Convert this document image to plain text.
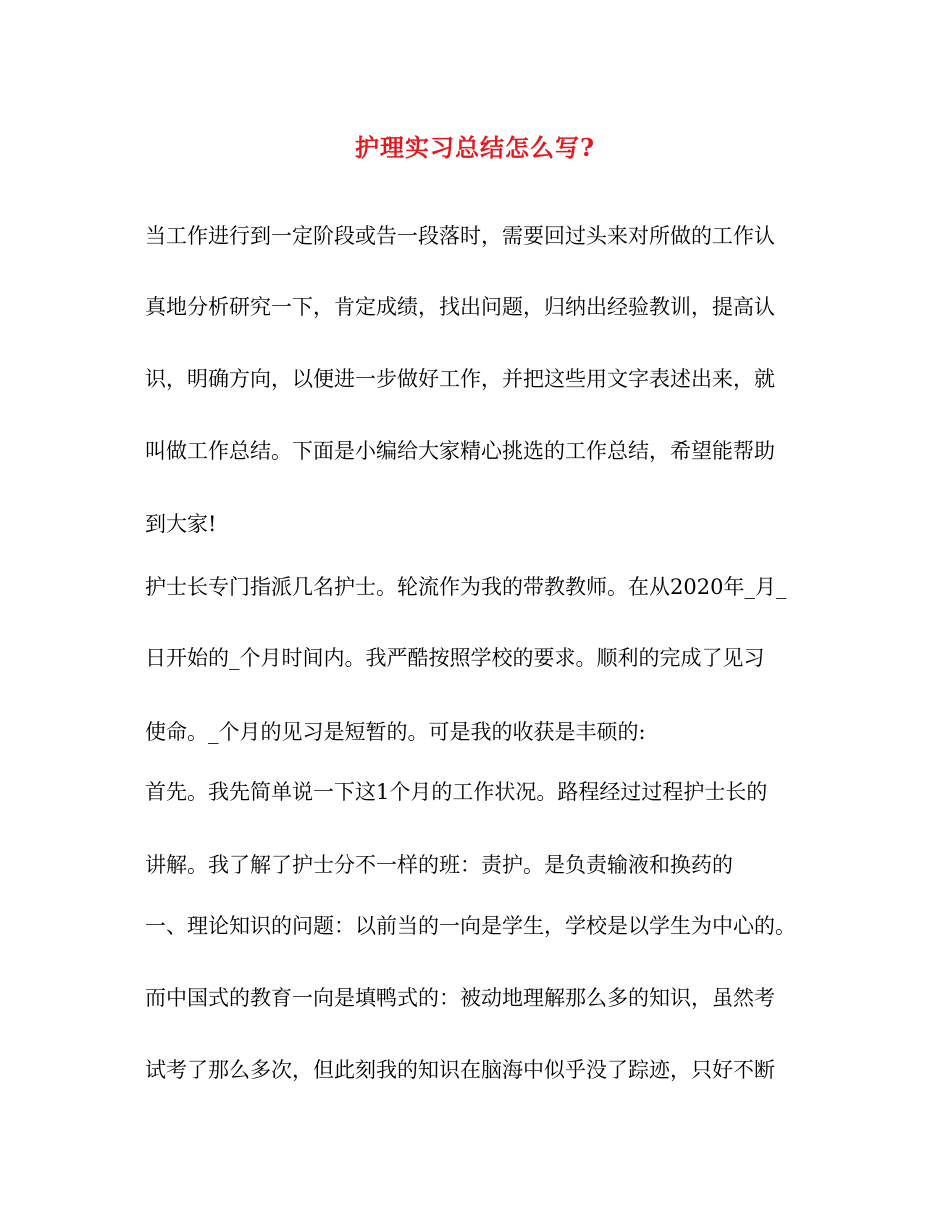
护理实习总结怎么写?
当工作进行到一定阶段或告一段落时，需要回过头来对所做的工作认
真地分析研究一下，肯定成绩，找出问题，归纳出经验教训，提高认
识，明确方向，以便进一步做好工作，并把这些用文字表述出来，就
叫做工作总结。下面是小编给大家精心挑选的工作总结，希望能帮助
到大家!
护士长专门指派几名护士。轮流作为我的带教教师。在从2020年_月_
日开始的_个月时间内。我严酷按照学校的要求。顺利的完成了见习
使命。_个月的见习是短暂的。可是我的收获是丰硕的:
首先。我先简单说一下这1个月的工作状况。路程经过过程护士长的
讲解。我了解了护士分不一样的班：责护。是负责输液和换药的
一、理论知识的问题：以前当的一向是学生，学校是以学生为中心的。
而中国式的教育一向是填鸭式的：被动地理解那么多的知识，虽然考
试考了那么多次，但此刻我的知识在脑海中似乎没了踪迹，只好不断
